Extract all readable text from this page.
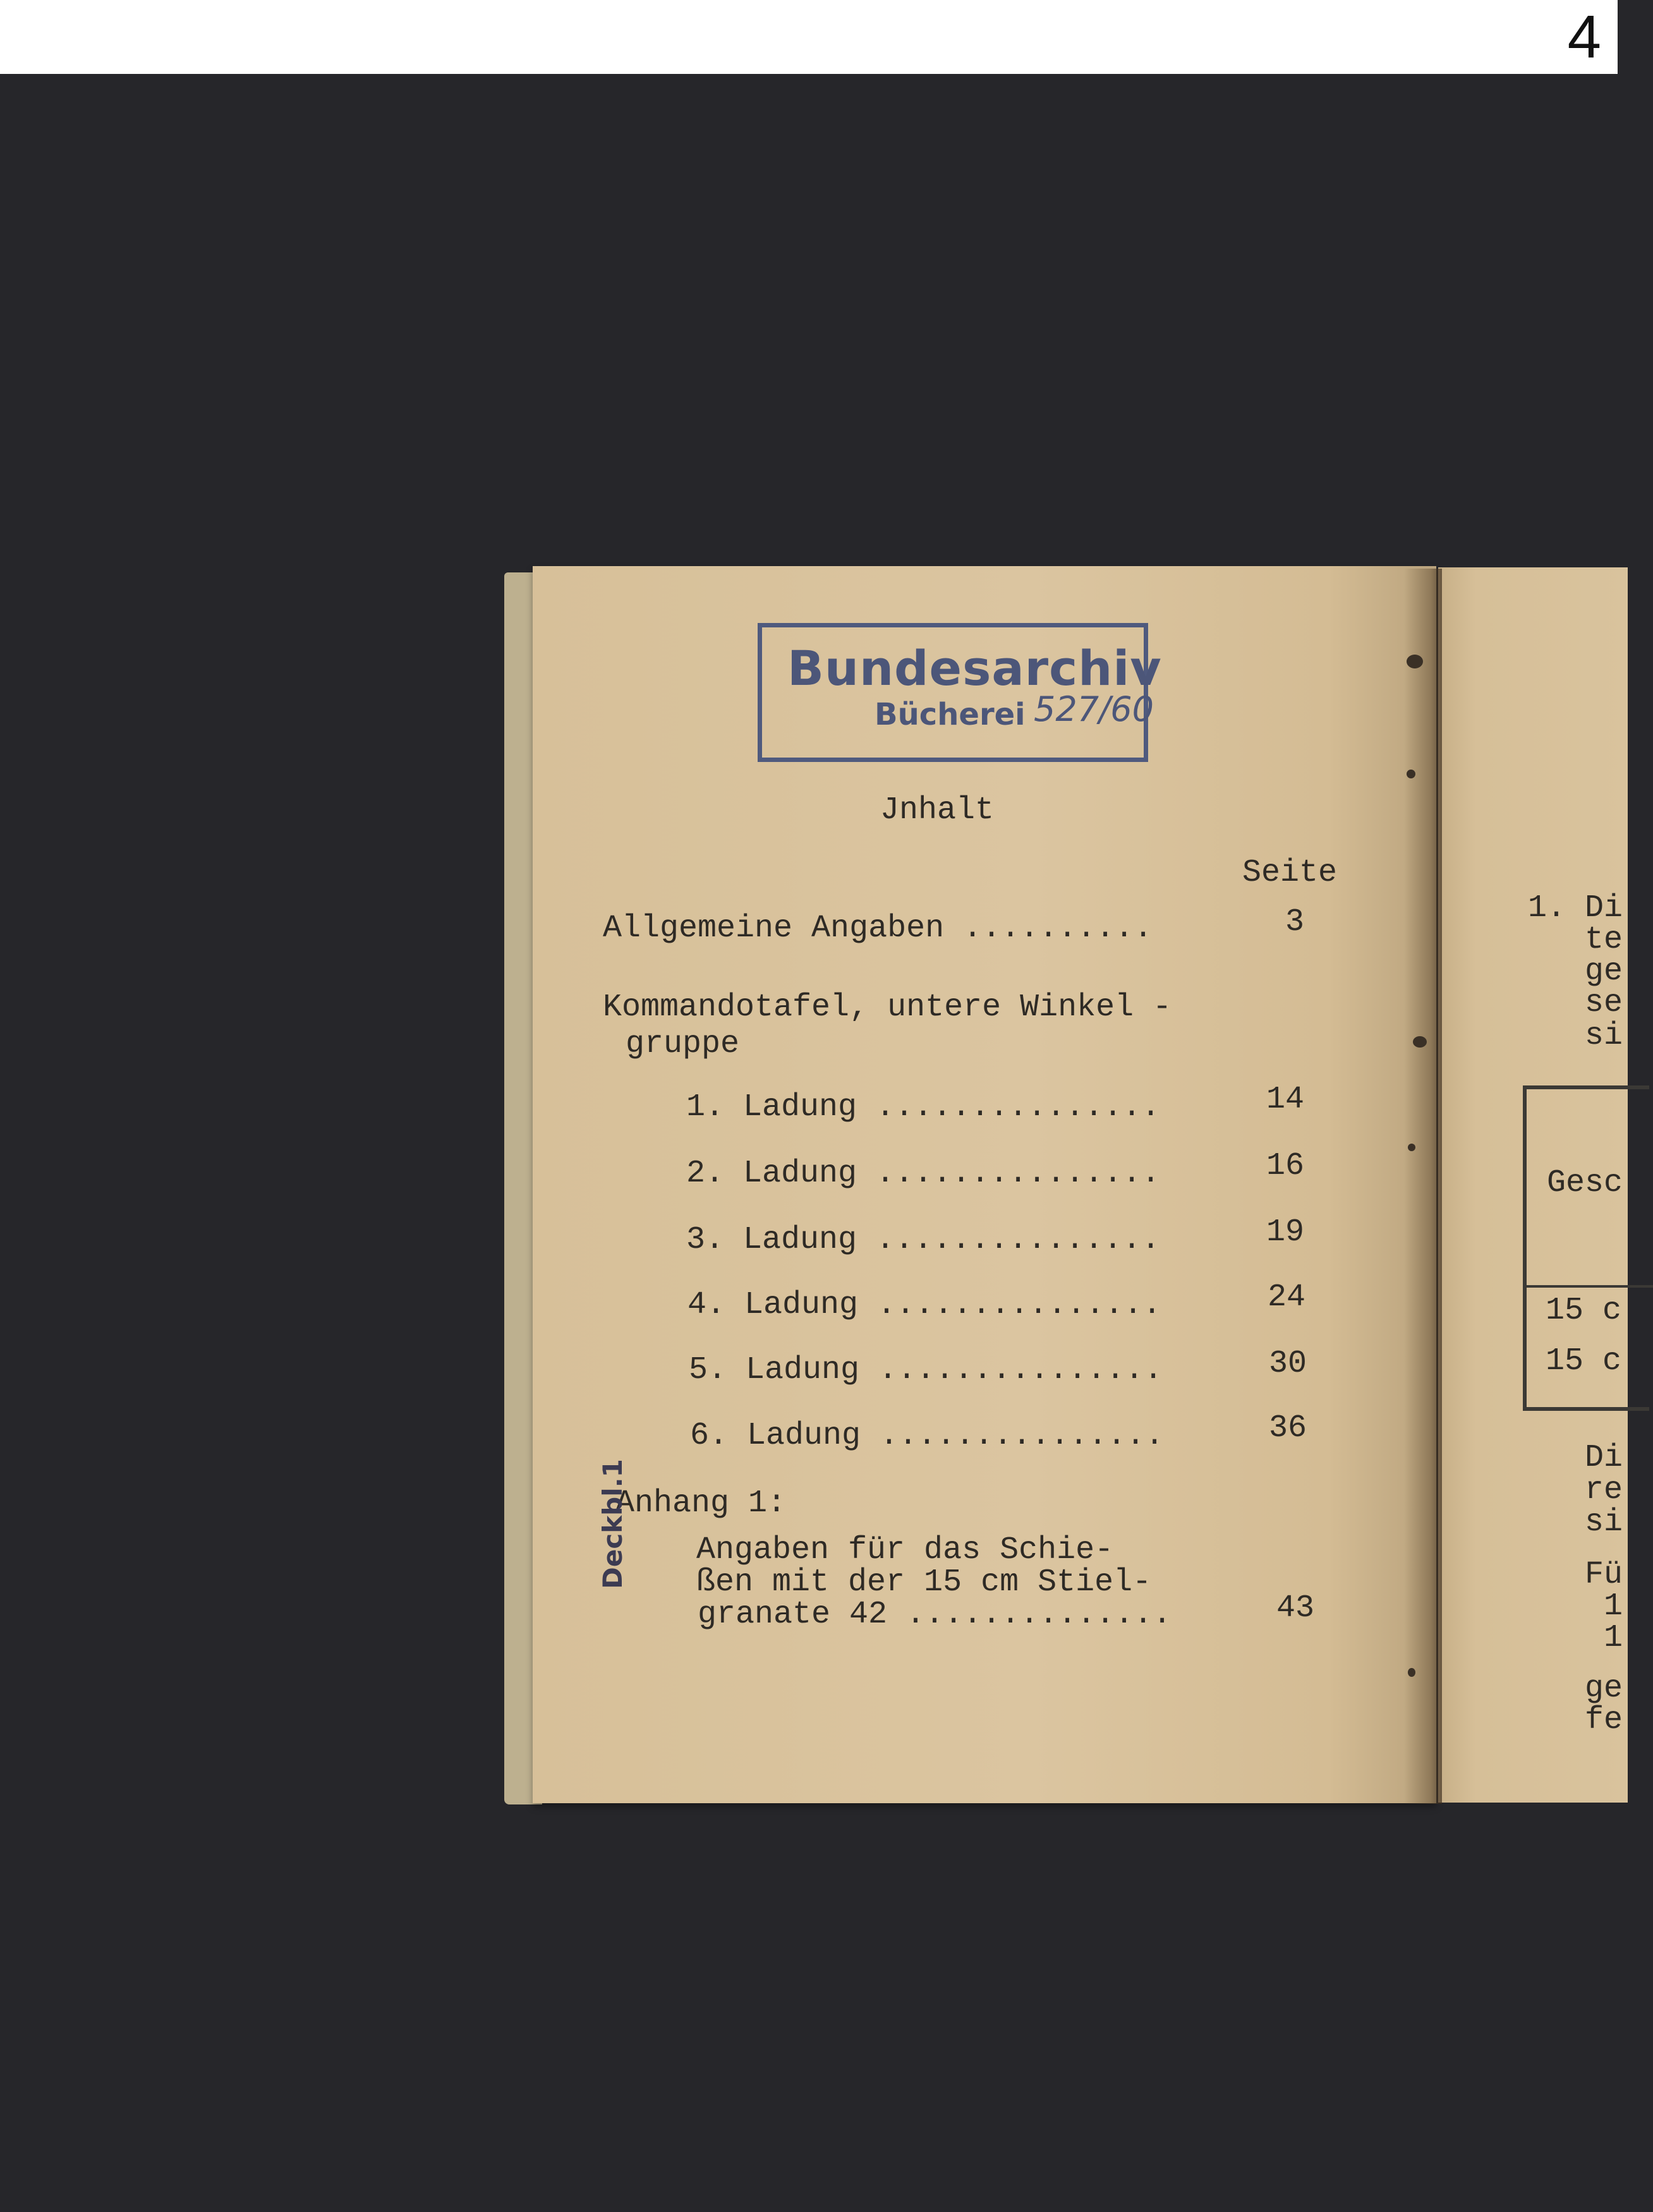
4
Bundesarchiv
Bücherei 527/60
Jnhalt
Seite
Allgemeine Angaben ..........	3
Kommandotafel, untere Winkel -
gruppe
1. Ladung ...............	14
2. Ladung ...............	16
3. Ladung ...............	19
4. Ladung ...............	24
5. Ladung ...............	30
6. Ladung ...............	36
Anhang 1:
Angaben für das Schie-
ßen mit der 15 cm Stiel-
granate 42 ..............	43
Deckbl.1
1. Di
te
ge
se
si
Gesc
15 c
15 c
Di
re
si
Fü
1
1
ge
fe
